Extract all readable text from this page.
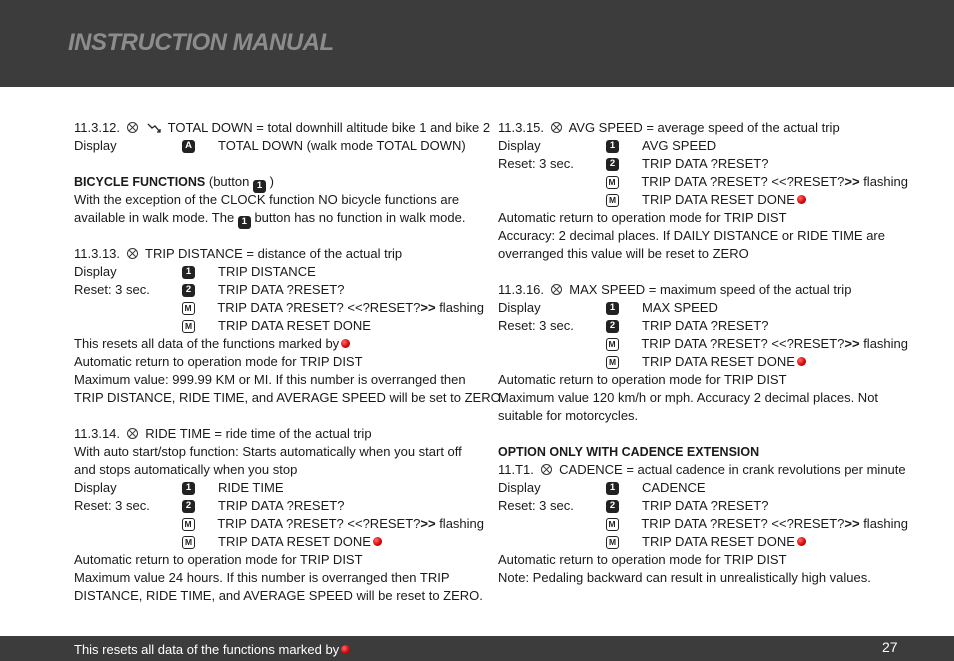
INSTRUCTION MANUAL
11.3.12.	TOTAL DOWN = total downhill altitude bike 1 and bike 2
Display	A TOTAL DOWN (walk mode TOTAL DOWN)
BICYCLE FUNCTIONS (button 1 )
With the exception of the CLOCK function NO bicycle functions are
available in walk mode. The 1 button has no function in walk mode.
11.3.13. TRIP DISTANCE = distance of the actual trip
Display	1 TRIP DISTANCE
Reset: 3 sec.	2 TRIP DATA ?RESET?
M TRIP DATA ?RESET? <<?RESET?>> flashing
M TRIP DATA RESET DONE
This resets all data of the functions marked by
Automatic return to operation mode for TRIP DIST
Maximum value: 999.99 KM or MI. If this number is overranged then
TRIP DISTANCE, RIDE TIME, and AVERAGE SPEED will be set to ZERO.
11.3.14. RIDE TIME = ride time of the actual trip
With auto start/stop function: Starts automatically when you start off
and stops automatically when you stop
Display	1 RIDE TIME
Reset: 3 sec.	2 TRIP DATA ?RESET?
M TRIP DATA ?RESET? <<?RESET?>> flashing
M TRIP DATA RESET DONE
Automatic return to operation mode for TRIP DIST
Maximum value 24 hours. If this number is overranged then TRIP
DISTANCE, RIDE TIME, and AVERAGE SPEED will be reset to ZERO.
11.3.15. AVG SPEED = average speed of the actual trip
Display	1 AVG SPEED
Reset: 3 sec.	2 TRIP DATA ?RESET?
M TRIP DATA ?RESET? <<?RESET?>> flashing
M TRIP DATA RESET DONE
Automatic return to operation mode for TRIP DIST
Accuracy: 2 decimal places. If DAILY DISTANCE or RIDE TIME are
overranged this value will be reset to ZERO
11.3.16. MAX SPEED = maximum speed of the actual trip
Display	1 MAX SPEED
Reset: 3 sec.	2 TRIP DATA ?RESET?
M TRIP DATA ?RESET? <<?RESET?>> flashing
M TRIP DATA RESET DONE
Automatic return to operation mode for TRIP DIST
Maximum value 120 km/h or mph. Accuracy 2 decimal places. Not
suitable for motorcycles.
OPTION ONLY WITH CADENCE EXTENSION
11.T1. CADENCE = actual cadence in crank revolutions per minute
Display	1 CADENCE
Reset: 3 sec.	2 TRIP DATA ?RESET?
M TRIP DATA ?RESET? <<?RESET?>> flashing
M TRIP DATA RESET DONE
Automatic return to operation mode for TRIP DIST
Note: Pedaling backward can result in unrealistically high values.
This resets all data of the functions marked by	27
